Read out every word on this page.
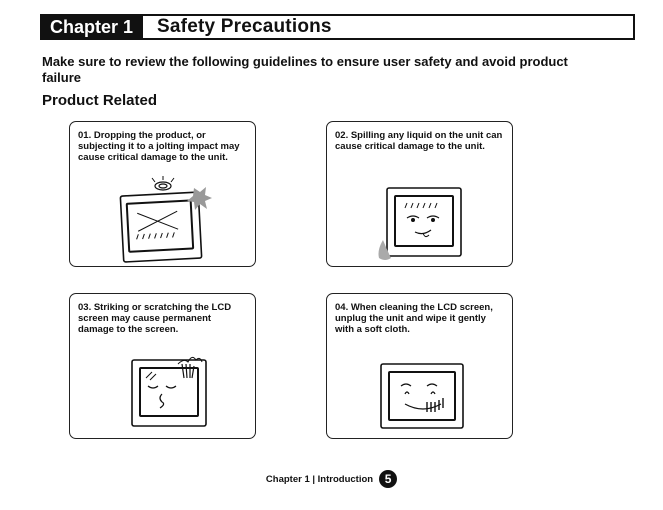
Chapter 1	Safety Precautions
Make sure to review the following guidelines to ensure user safety and avoid product failure
Product Related
01. Dropping the product, or subjecting it to a jolting impact may cause critical damage to the unit.
02. Spilling any liquid on the unit can cause critical damage to the unit.
03. Striking or scratching the LCD screen may cause permanent damage to the screen.
04. When cleaning the LCD screen, unplug the unit and wipe it gently with a soft cloth.
Chapter 1 | Introduction 5
